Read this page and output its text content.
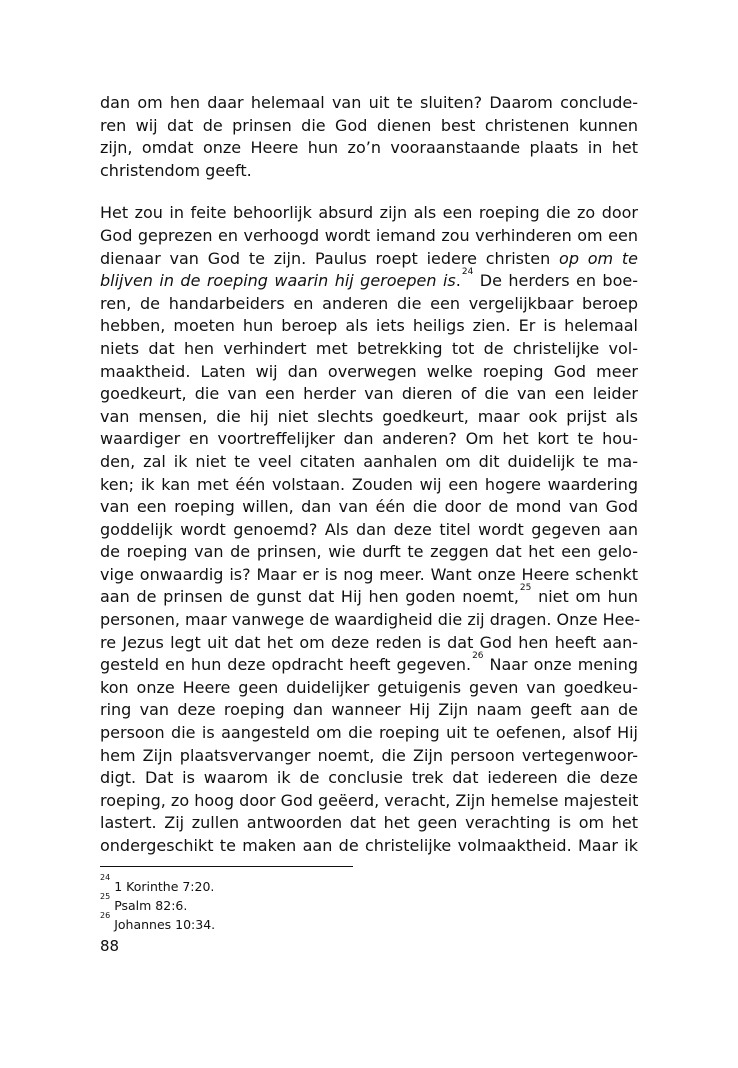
dan om hen daar helemaal van uit te sluiten? Daarom conclude-
ren wij dat de prinsen die God dienen best christenen kunnen
zijn, omdat onze Heere hun zo’n vooraanstaande plaats in het
christendom geeft.
Het zou in feite behoorlijk absurd zijn als een roeping die zo door
God geprezen en verhoogd wordt iemand zou verhinderen om een
dienaar van God te zijn. Paulus roept iedere christen op om te
blijven in de roeping waarin hij geroepen is.$^{24}$ De herders en boe-
ren, de handarbeiders en anderen die een vergelijkbaar beroep
hebben, moeten hun beroep als iets heiligs zien. Er is helemaal
niets dat hen verhindert met betrekking tot de christelijke vol-
maaktheid. Laten wij dan overwegen welke roeping God meer
goedkeurt, die van een herder van dieren of die van een leider
van mensen, die hij niet slechts goedkeurt, maar ook prijst als
waardiger en voortreffelijker dan anderen? Om het kort te hou-
den, zal ik niet te veel citaten aanhalen om dit duidelijk te ma-
ken; ik kan met één volstaan. Zouden wij een hogere waardering
van een roeping willen, dan van één die door de mond van God
goddelijk wordt genoemd? Als dan deze titel wordt gegeven aan
de roeping van de prinsen, wie durft te zeggen dat het een gelo-
vige onwaardig is? Maar er is nog meer. Want onze Heere schenkt
aan de prinsen de gunst dat Hij hen goden noemt,$^{25}$ niet om hun
personen, maar vanwege de waardigheid die zij dragen. Onze Hee-
re Jezus legt uit dat het om deze reden is dat God hen heeft aan-
gesteld en hun deze opdracht heeft gegeven.$^{26}$ Naar onze mening
kon onze Heere geen duidelijker getuigenis geven van goedkeu-
ring van deze roeping dan wanneer Hij Zijn naam geeft aan de
persoon die is aangesteld om die roeping uit te oefenen, alsof Hij
hem Zijn plaatsvervanger noemt, die Zijn persoon vertegenwoor-
digt. Dat is waarom ik de conclusie trek dat iedereen die deze
roeping, zo hoog door God geëerd, veracht, Zijn hemelse majesteit
lastert. Zij zullen antwoorden dat het geen verachting is om het
ondergeschikt te maken aan de christelijke volmaaktheid. Maar ik
$^{24}$1 Korinthe 7:20.
$^{25}$Psalm 82:6.
$^{26}$Johannes 10:34.
88
